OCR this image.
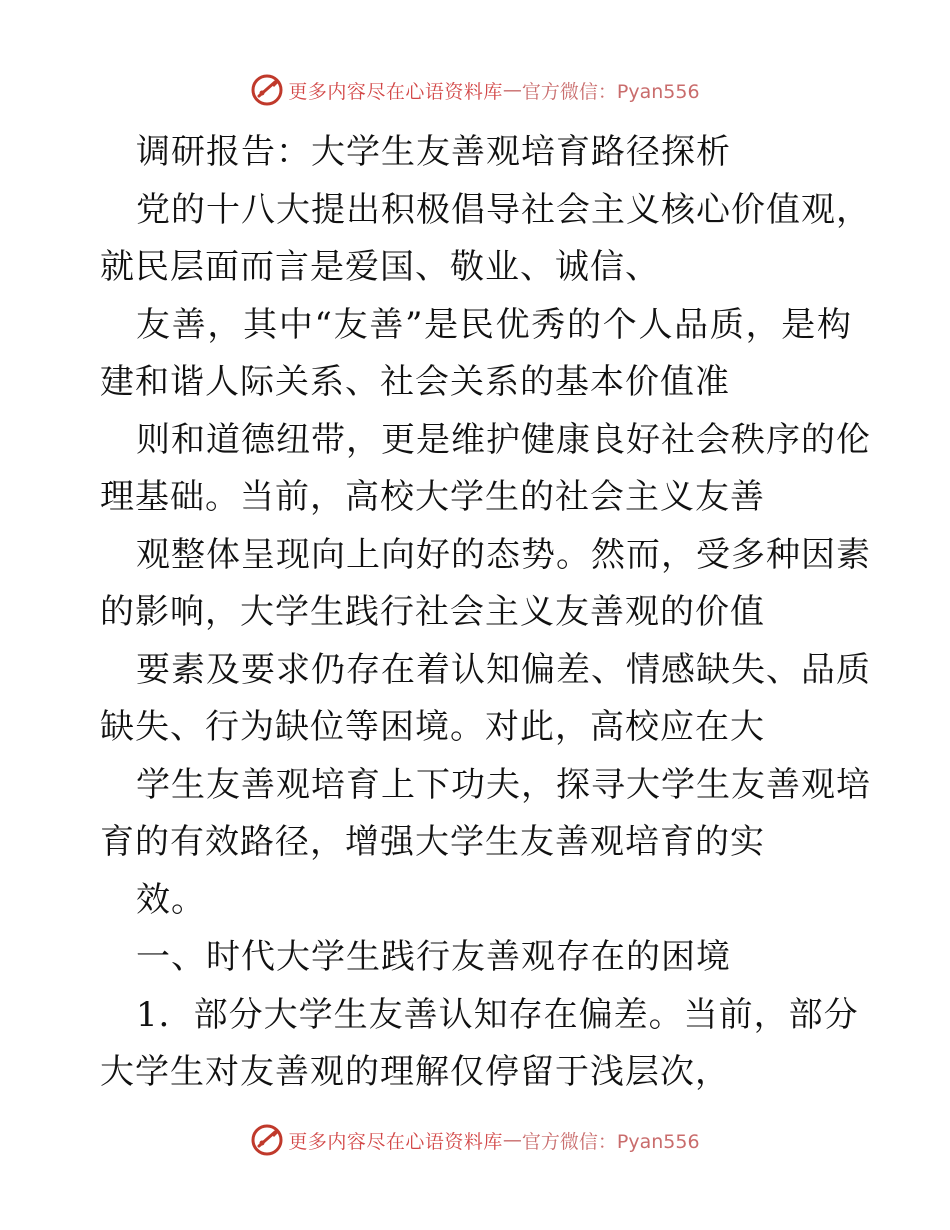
更多内容尽在心语资料库 — 官方微信：Pyan556
调研报告：大学生友善观培育路径探析
党的十八大提出积极倡导社会主义核心价值观，
就民层面而言是爱国、敬业、诚信、
友善，其中“友善”是民优秀的个人品质，是构
建和谐人际关系、社会关系的基本价值准
则和道德纽带，更是维护健康良好社会秩序的伦
理基础。当前，高校大学生的社会主义友善
观整体呈现向上向好的态势。然而，受多种因素
的影响，大学生践行社会主义友善观的价值
要素及要求仍存在着认知偏差、情感缺失、品质
缺失、行为缺位等困境。对此，高校应在大
学生友善观培育上下功夫，探寻大学生友善观培
育的有效路径，增强大学生友善观培育的实
效。
一、时代大学生践行友善观存在的困境
1．部分大学生友善认知存在偏差。当前，部分
大学生对友善观的理解仅停留于浅层次，
更多内容尽在心语资料库 — 官方微信：Pyan556
